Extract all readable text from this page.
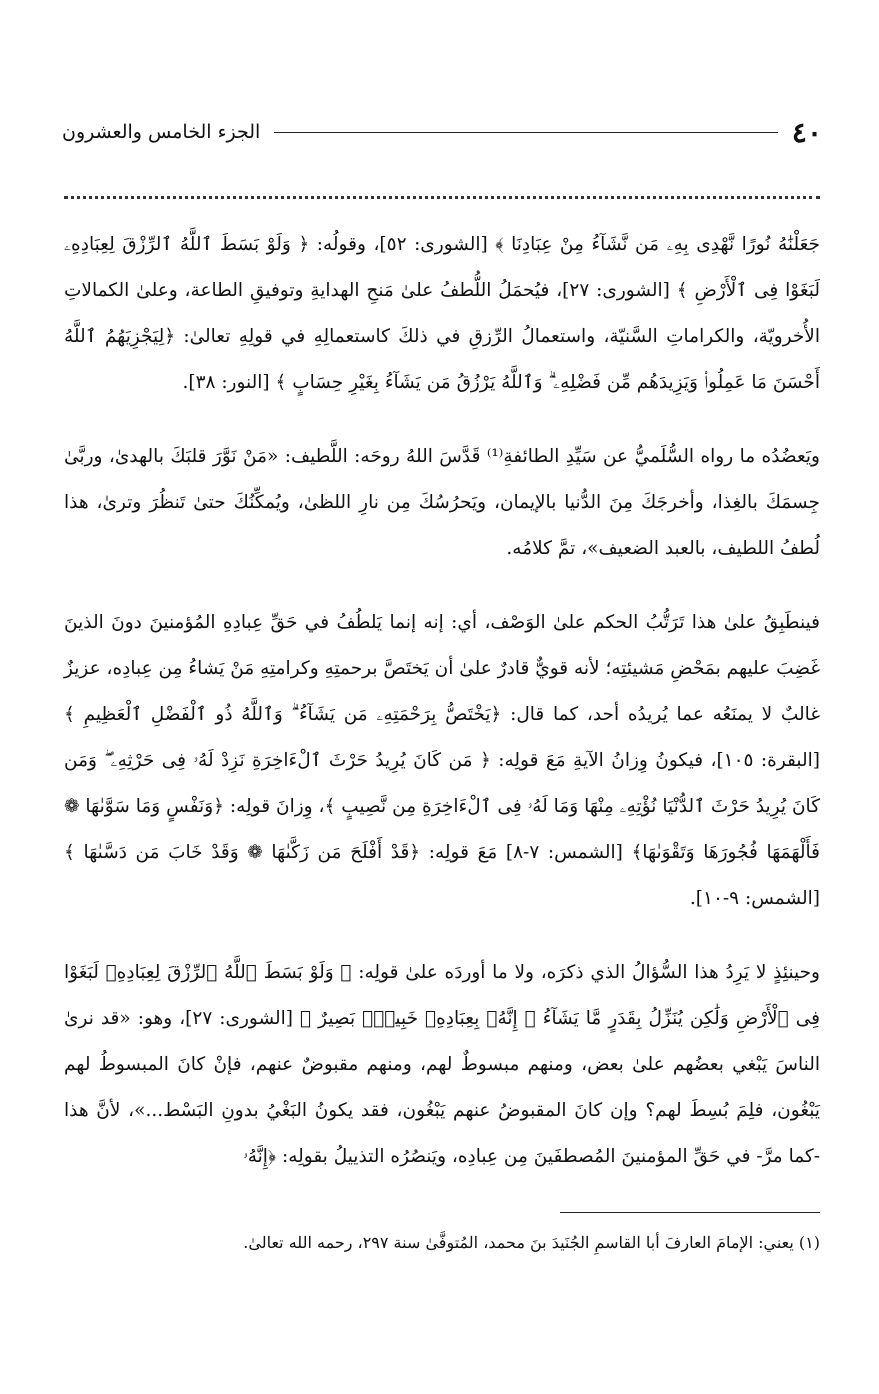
٤٠
الجزء الخامس والعشرون

جَعَلْنَٰهُ نُورًا نَّهْدِى بِهِۦ مَن نَّشَآءُ مِنْ عِبَادِنَا ﴾ [الشورى: ٥٢]، وقولُه: ﴿ وَلَوْ بَسَطَ ٱللَّهُ ٱلرِّزْقَ لِعِبَادِهِۦ لَبَغَوْا فِى ٱلْأَرْضِ ﴾ [الشورى: ٢٧]، فيُحمَلُ اللُّطفُ علىٰ مَنحِ الهدايةِ وتوفيقِ الطاعة، وعلىٰ الكمالاتِ الأُخرويّة، والكراماتِ السَّنيّة، واستعمالُ الرِّزقِ في ذلكَ كاستعمالِهِ في قولِهِ تعالىٰ: ﴿لِيَجْزِيَهُمُ ٱللَّهُ أَحْسَنَ مَا عَمِلُوا۟ وَيَزِيدَهُم مِّن فَضْلِهِۦ ۗ وَٱللَّهُ يَرْزُقُ مَن يَشَآءُ بِغَيْرِ حِسَابٍ ﴾ [النور: ٣٨].

ويَعضُدُه ما رواه السُّلَميُّ عن سَيِّدِ الطائفةِ⁽¹⁾ قَدَّسَ اللهُ روحَه: اللَّطيف: «مَنْ نَوَّرَ قلبَكَ بالهدىٰ، وربَّىٰ جِسمَكَ بالغِذا، وأخرجَكَ مِنَ الدُّنيا بالإيمان، ويَحرُسُكَ مِن نارِ اللظىٰ، ويُمكِّنُكَ حتىٰ تَنظُرَ وترىٰ، هذا لُطفُ اللطيف، بالعبد الضعيف»، تمَّ كلامُه.

فينطَبِقُ علىٰ هذا تَرَتُّبُ الحكم علىٰ الوَصْف، أي: إنه إنما يَلطُفُ في حَقِّ عِبادِهِ المُؤمنينَ دونَ الذينَ غَضِبَ عليهم بمَحْضِ مَشيئتِه؛ لأنه قويٌّ قادرٌ علىٰ أن يَختَصَّ برحمتِهِ وكرامتِهِ مَنْ يَشاءُ مِن عِبادِه، عزيزٌ غالبٌ لا يمنَعُه عما يُريدُه أحد، كما قال: ﴿يَخْتَصُّ بِرَحْمَتِهِۦ مَن يَشَآءُ ۗ وَٱللَّهُ ذُو ٱلْفَضْلِ ٱلْعَظِيمِ ﴾ [البقرة: ١٠٥]، فيكونُ وِزانُ الآيةِ مَعَ قولِه: ﴿ مَن كَانَ يُرِيدُ حَرْثَ ٱلْءَاخِرَةِ نَزِدْ لَهُۥ فِى حَرْثِهِۦ ۖ وَمَن كَانَ يُرِيدُ حَرْثَ ٱلدُّنْيَا نُؤْتِهِۦ مِنْهَا وَمَا لَهُۥ فِى ٱلْءَاخِرَةِ مِن نَّصِيبٍ ﴾، وِزانَ قولِه: ﴿وَنَفْسٍ وَمَا سَوَّىٰهَا ❁ فَأَلْهَمَهَا فُجُورَهَا وَتَقْوَىٰهَا﴾ [الشمس: ٧-٨] مَعَ قولِه: ﴿قَدْ أَفْلَحَ مَن زَكَّىٰهَا ❁ وَقَدْ خَابَ مَن دَسَّىٰهَا ﴾ [الشمس: ٩-١٠].

وحينئِذٍ لا يَرِدُ هذا السُّؤالُ الذي ذكرَه، ولا ما أوردَه علىٰ قولِه: ﴿ وَلَوْ بَسَطَ ٱللَّهُ ٱلرِّزْقَ لِعِبَادِهِۦ لَبَغَوْا فِى ٱلْأَرْضِ وَلَٰكِن يُنَزِّلُ بِقَدَرٍ مَّا يَشَآءُ ۚ إِنَّهُۥ بِعِبَادِهِۦ خَبِيرٌۢ بَصِيرٌ ﴾ [الشورى: ٢٧]، وهو: «قد نرىٰ الناسَ يَبْغي بعضُهم علىٰ بعض، ومنهم مبسوطٌ لهم، ومنهم مقبوضٌ عنهم، فإنْ كانَ المبسوطُ لهم يَبْغُون، فلِمَ بُسِطَ لهم؟ وإن كانَ المقبوضُ عنهم يَبْغُون، فقد يكونُ البَغْيُ بدونِ البَسْط...»، لأنَّ هذا -كما مرَّ- في حَقِّ المؤمنينَ المُصطفَينَ مِن عِبادِه، ويَنصُرُه التذييلُ بقولِه: ﴿إِنَّهُۥ

(١) يعني: الإمامَ العارفَ أبا القاسمِ الجُنَيدَ بنَ محمد، المُتوفَّىٰ سنة ٢٩٧، رحمه الله تعالىٰ.
